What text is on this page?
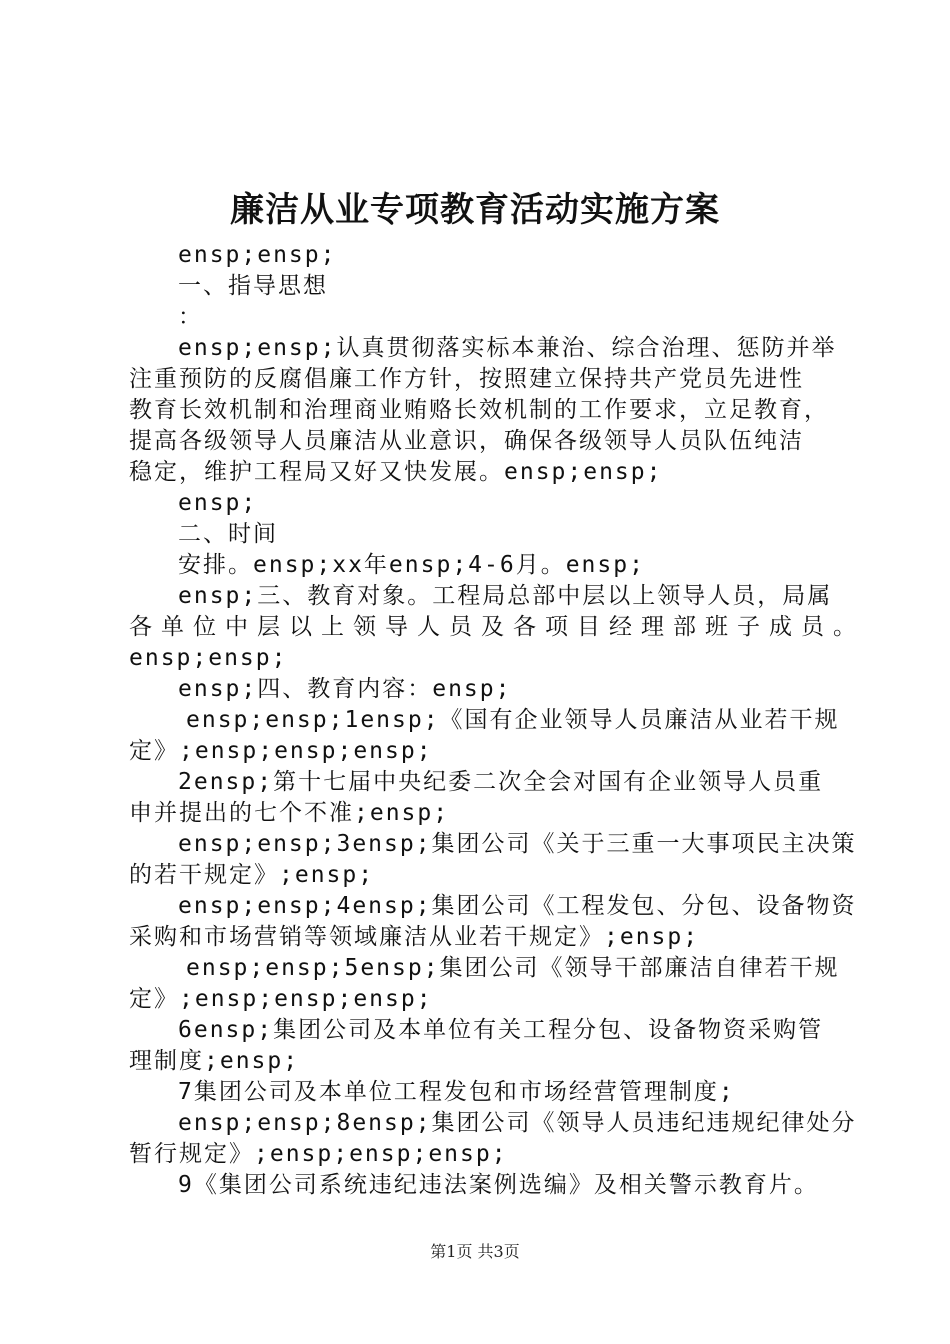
廉洁从业专项教育活动实施方案
ensp;ensp;
一、指导思想
：
ensp;ensp;认真贯彻落实标本兼治、综合治理、惩防并举
注重预防的反腐倡廉工作方针，按照建立保持共产党员先进性
教育长效机制和治理商业贿赂长效机制的工作要求，立足教育，
提高各级领导人员廉洁从业意识，确保各级领导人员队伍纯洁
稳定，维护工程局又好又快发展。ensp;ensp;
ensp;
二、时间
安排。ensp;xx年ensp;4-6月。ensp;
ensp;三、教育对象。工程局总部中层以上领导人员，局属
各单位中层以上领导人员及各项目经理部班子成员。
ensp;ensp;
ensp;四、教育内容：ensp;
ensp;ensp;1ensp;《国有企业领导人员廉洁从业若干规
定》;ensp;ensp;ensp;
2ensp;第十七届中央纪委二次全会对国有企业领导人员重
申并提出的七个不准;ensp;
ensp;ensp;3ensp;集团公司《关于三重一大事项民主决策
的若干规定》;ensp;
ensp;ensp;4ensp;集团公司《工程发包、分包、设备物资
采购和市场营销等领域廉洁从业若干规定》;ensp;
ensp;ensp;5ensp;集团公司《领导干部廉洁自律若干规
定》;ensp;ensp;ensp;
6ensp;集团公司及本单位有关工程分包、设备物资采购管
理制度;ensp;
7集团公司及本单位工程发包和市场经营管理制度;
ensp;ensp;8ensp;集团公司《领导人员违纪违规纪律处分
暂行规定》;ensp;ensp;ensp;
9《集团公司系统违纪违法案例选编》及相关警示教育片。
第1页 共3页
